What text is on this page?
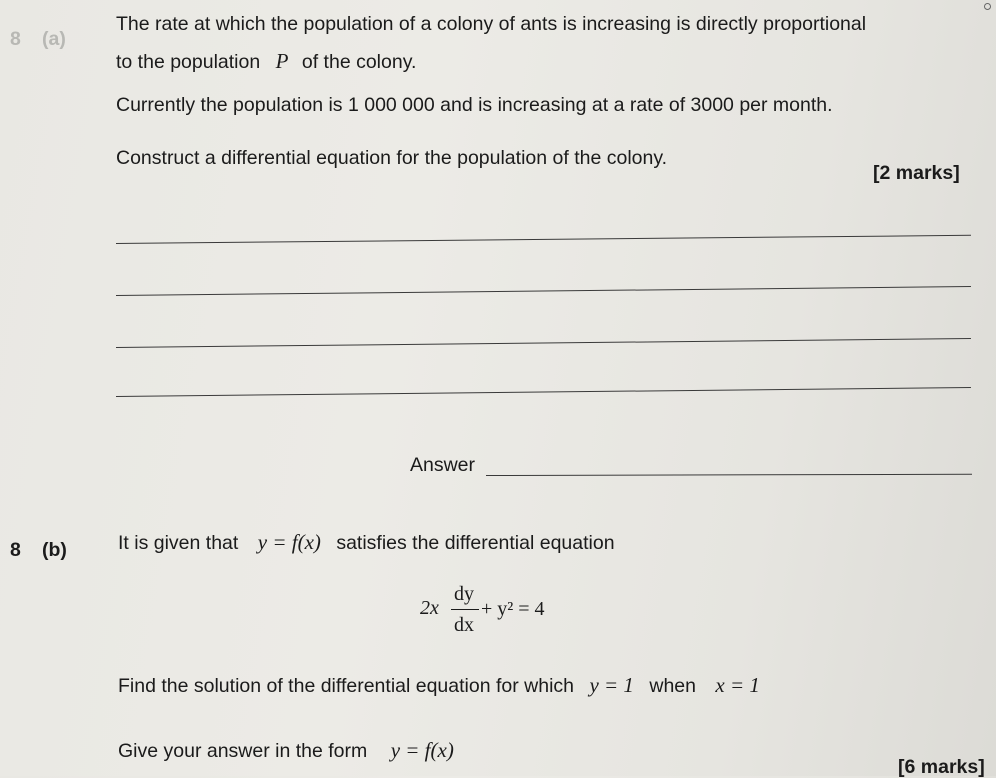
8 (a)
The rate at which the population of a colony of ants is increasing is directly proportional
to the population P of the colony.
Currently the population is 1 000 000 and is increasing at a rate of 3000 per month.
Construct a differential equation for the population of the colony.
[2 marks]
Answer
8 (b)	It is given that y = f(x) satisfies the differential equation
2x
dy
dx
+ y² = 4
Find the solution of the differential equation for which y = 1 when x = 1
Give your answer in the form y = f(x)
[6 marks]
